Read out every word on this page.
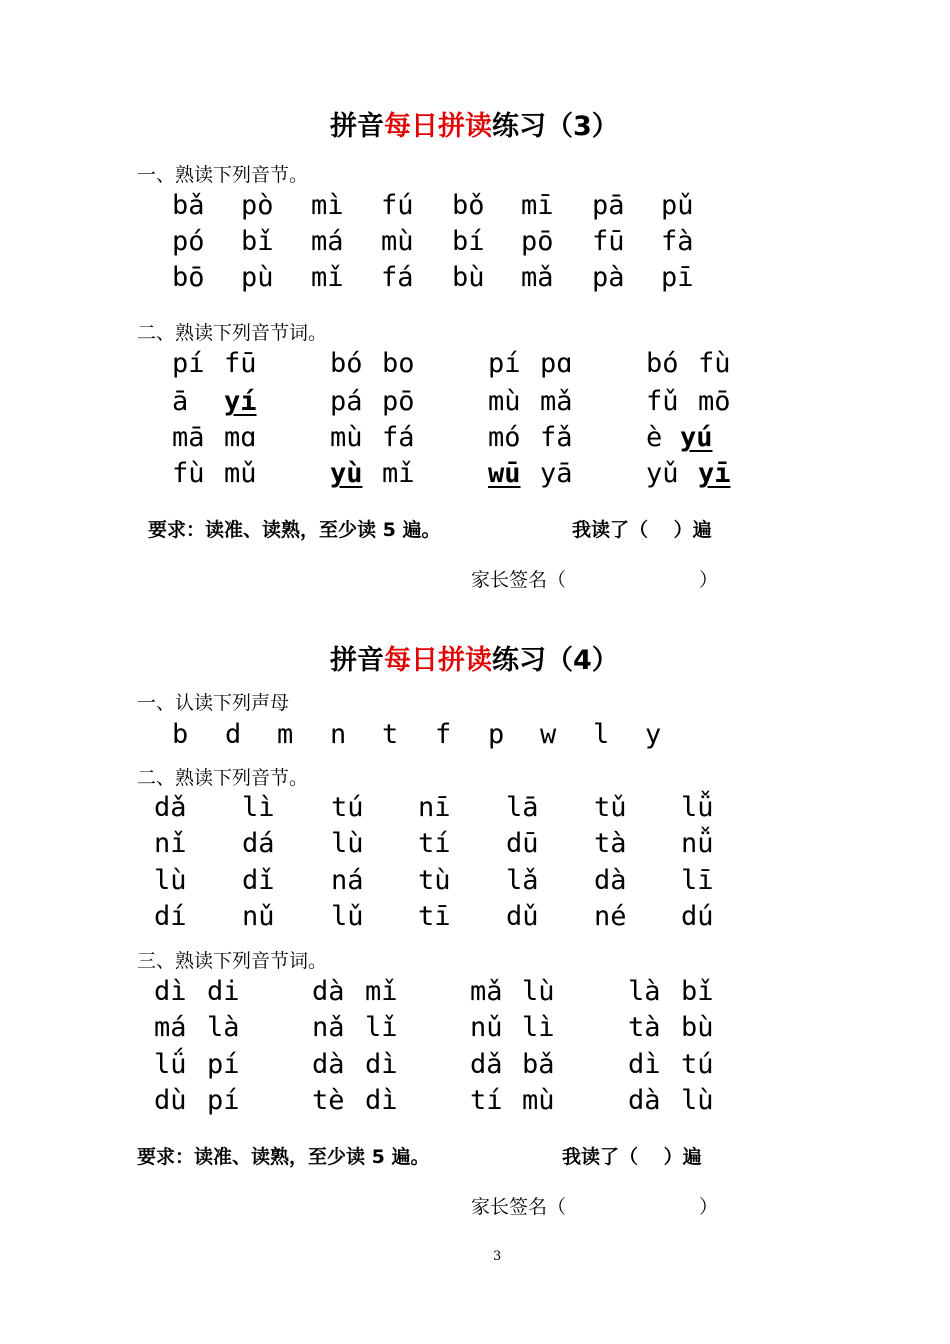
拼音每日拼读练习（3）
一、熟读下列音节。
bǎ pò mì fú bǒ mī pā pǔ
pó bǐ má mù bí pō fū fà
bō pù mǐ fá bù mǎ pà pī
二、熟读下列音节词。
pí fū	bó bo	pí pɑ	bó fù
ā yí	pá pō	mù mǎ	fǔ mō
mā mɑ	mù fá	mó fǎ	è yú
fù mǔ	yù mǐ	wū yā	yǔ yī
要求：读准、读熟，至少读 5 遍。	我读了（　 ）遍
家长签名（　　　　　　　）
拼音每日拼读练习（4）
一、认读下列声母
b d m n t f p w l y
二、熟读下列音节。
dǎ lì tú nī lā tǔ lǚ
nǐ dá lù tí dū tà nǚ
lù dǐ ná tù lǎ dà lī
dí nǔ lǔ tī dǔ né dú
三、熟读下列音节词。
dì di	dà mǐ	mǎ lù	là bǐ
má là	nǎ lǐ	nǔ lì	tà bù
lǘ pí	dà dì	dǎ bǎ	dì tú
dù pí	tè dì	tí mù	dà lù
要求：读准、读熟，至少读 5 遍。	我读了（　 ）遍
家长签名（　　　　　　　）
3
